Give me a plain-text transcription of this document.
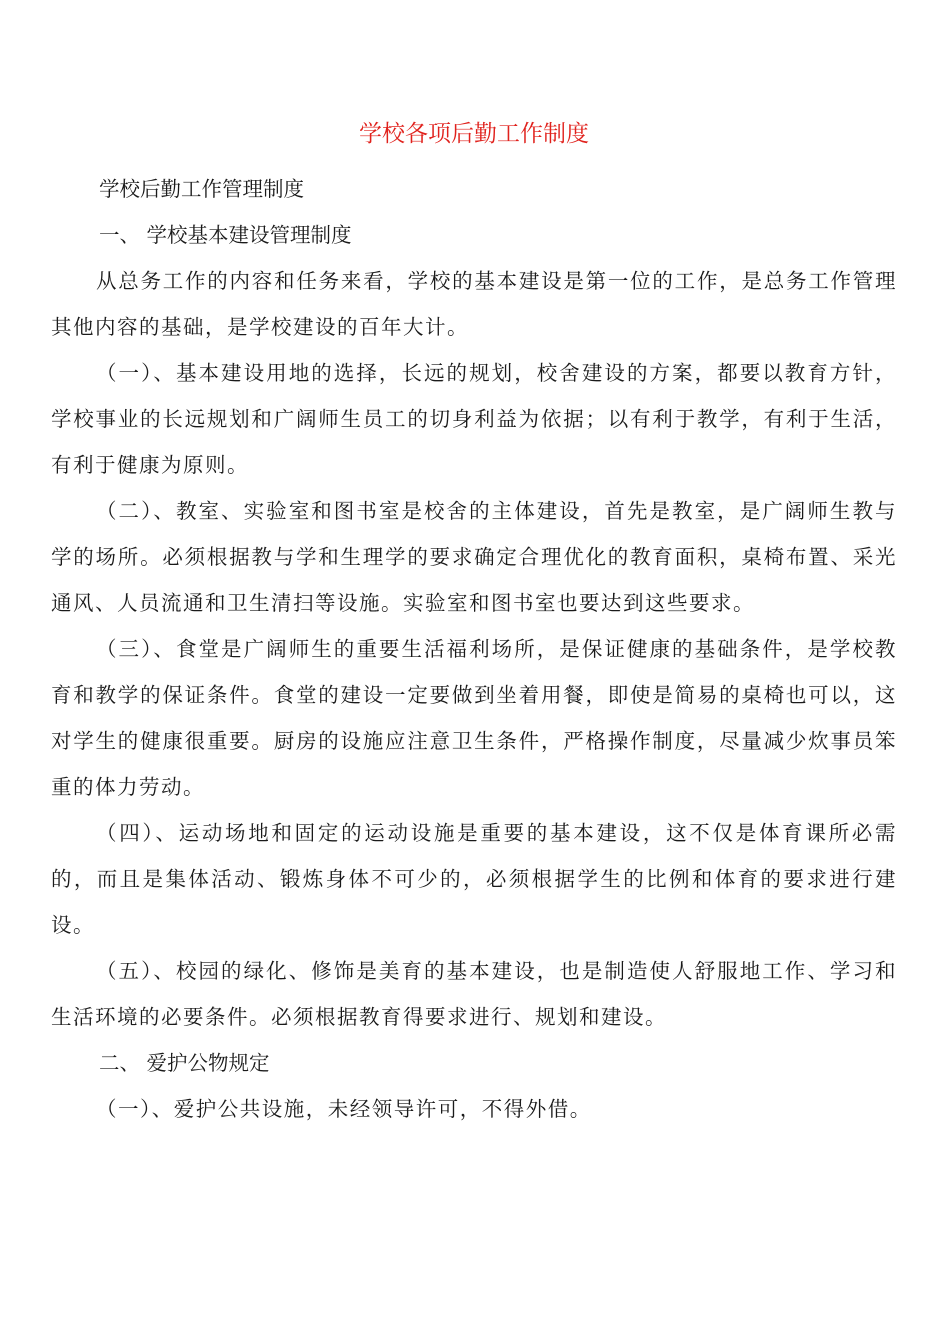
学校各项后勤工作制度

学校后勤工作管理制度

一、 学校基本建设管理制度

从总务工作的内容和任务来看，学校的基本建设是第一位的工作，是总务工作管理其他内容的基础，是学校建设的百年大计。

（一）、基本建设用地的选择，长远的规划，校舍建设的方案，都要以教育方针，学校事业的长远规划和广阔师生员工的切身利益为依据；以有利于教学，有利于生活，有利于健康为原则。

（二）、教室、实验室和图书室是校舍的主体建设，首先是教室，是广阔师生教与学的场所。必须根据教与学和生理学的要求确定合理优化的教育面积，桌椅布置、采光通风、人员流通和卫生清扫等设施。实验室和图书室也要达到这些要求。

（三）、食堂是广阔师生的重要生活福利场所，是保证健康的基础条件，是学校教育和教学的保证条件。食堂的建设一定要做到坐着用餐，即使是简易的桌椅也可以，这对学生的健康很重要。厨房的设施应注意卫生条件，严格操作制度，尽量减少炊事员笨重的体力劳动。

（四）、运动场地和固定的运动设施是重要的基本建设，这不仅是体育课所必需的，而且是集体活动、锻炼身体不可少的，必须根据学生的比例和体育的要求进行建设。

（五）、校园的绿化、修饰是美育的基本建设，也是制造使人舒服地工作、学习和生活环境的必要条件。必须根据教育得要求进行、规划和建设。

二、 爱护公物规定

（一）、爱护公共设施，未经领导许可，不得外借。
